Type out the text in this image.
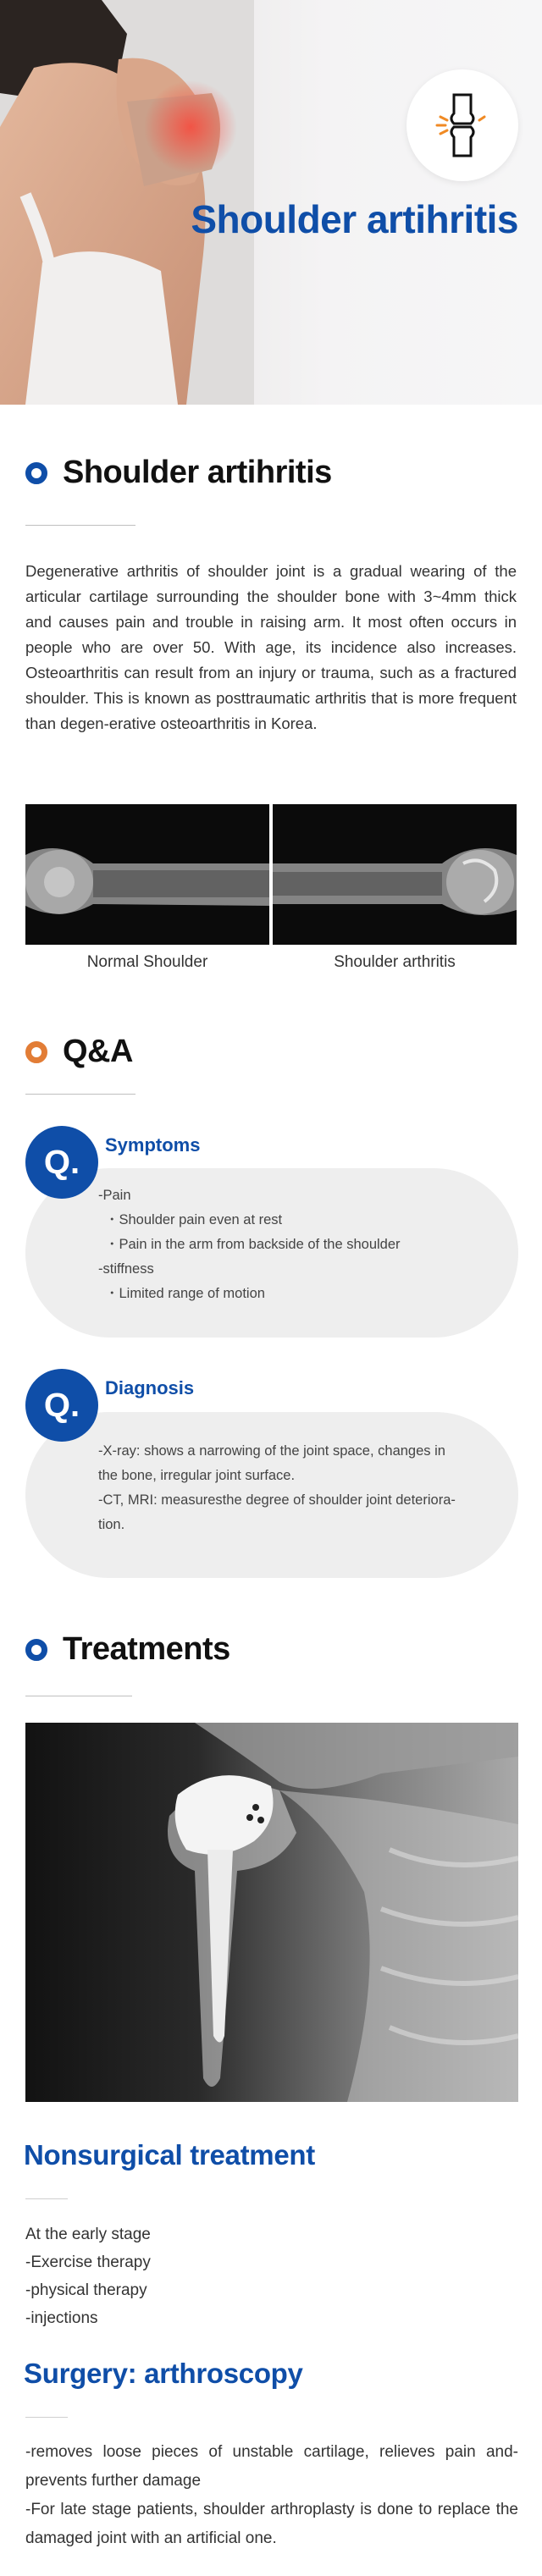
Shoulder artihritis
Shoulder artihritis
Degenerative arthritis of shoulder joint is a gradual wearing of the articular cartilage surrounding the shoulder bone with 3~4mm thick and causes pain and trouble in raising arm. It most often occurs in people who are over 50. With age, its incidence also increases. Osteoarthritis can result from an injury or trauma, such as a fractured shoulder. This is known as posttraumatic arthritis that is more frequent than degen-erative osteoarthritis in Korea.
Normal Shoulder	Shoulder arthritis
Q&A
Q.	Symptoms
-Pain
・Shoulder pain even at rest
・Pain in the arm from backside of the shoulder
-stiffness
・Limited range of motion
Q.	Diagnosis
-X-ray: shows a narrowing of the joint space, changes in
the bone, irregular joint surface.
-CT, MRI: measuresthe degree of shoulder joint deteriora-
tion.
Treatments
Nonsurgical treatment
At the early stage
-Exercise therapy
-physical therapy
-injections
Surgery: arthroscopy
-removes loose pieces of unstable cartilage, relieves pain and-prevents further damage
-For late stage patients, shoulder arthroplasty is done to replace the damaged joint with an artificial one.
